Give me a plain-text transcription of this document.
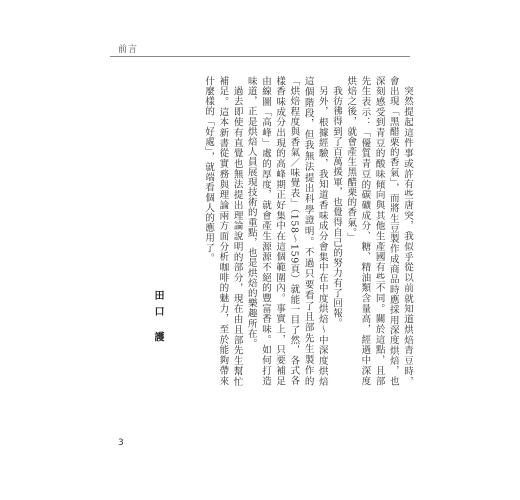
前言

突然提起這件事或許有些唐突，我似乎從以前就知道烘焙青豆時，會出現「黑醋栗的香氣」，而將生豆製作成商品時應採用深度烘焙，也深刻感受到青豆的酸味傾向與其他生產國有些不同。關於這點，且部先生表示：「優質青豆的碳礦成分、糖、精油類含量高，經過中深度烘焙之後，就會產生黑醋栗的香氣。」

我彷彿得到了百萬援軍，也覺得自己的努力有了回報。

另外，根據經驗，我知道香味成分會集中在中度烘焙～中深度烘焙這個階段，但我無法提出科學證明。不過只要看了且部先生製作的「烘焙程度與香氣／味覺表」（158～159頁）就能一目了然，各式各樣香味成分出現的高峰期正好集中在這個範圍內。事實上，只要補足由線圖「高峰」處的厚度，就會產生源源不絕的豐富香味。如何打造味道，正是烘焙人員展現技術的重點，也是烘焙的樂趣所在。

過去即使有直覺也無法提出理論說明的部分，現在由且部先生幫忙補足。這本新書從實務與理論兩方面分析咖啡的魅力，至於能夠帶來什麼樣的「好處」，就端看個人的應用了。

田口 護
3
